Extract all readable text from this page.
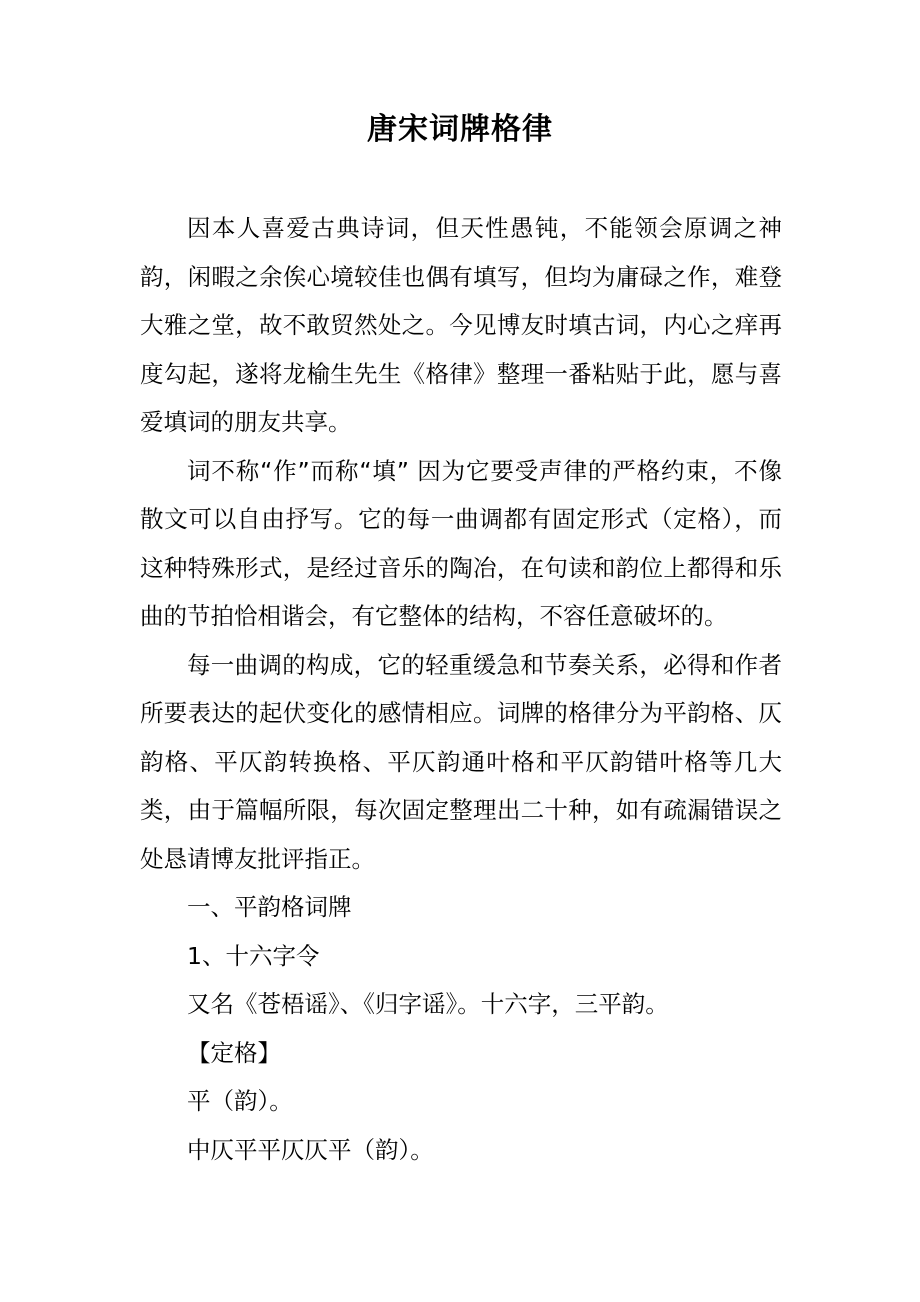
唐宋词牌格律

因本人喜爱古典诗词，但天性愚钝，不能领会原调之神韵，闲暇之余俟心境较佳也偶有填写，但均为庸碌之作，难登大雅之堂，故不敢贸然处之。今见博友时填古词，内心之痒再度勾起，遂将龙榆生先生《格律》整理一番粘贴于此，愿与喜爱填词的朋友共享。

词不称“作”而称“填” 因为它要受声律的严格约束，不像散文可以自由抒写。它的每一曲调都有固定形式（定格），而这种特殊形式，是经过音乐的陶冶，在句读和韵位上都得和乐曲的节拍恰相谐会，有它整体的结构，不容任意破坏的。

每一曲调的构成，它的轻重缓急和节奏关系，必得和作者所要表达的起伏变化的感情相应。词牌的格律分为平韵格、仄韵格、平仄韵转换格、平仄韵通叶格和平仄韵错叶格等几大类，由于篇幅所限，每次固定整理出二十种，如有疏漏错误之处恳请博友批评指正。

一、平韵格词牌

1、十六字令

又名《苍梧谣》、《归字谣》。十六字，三平韵。

【定格】

平（韵）。

中仄平平仄仄平（韵）。
